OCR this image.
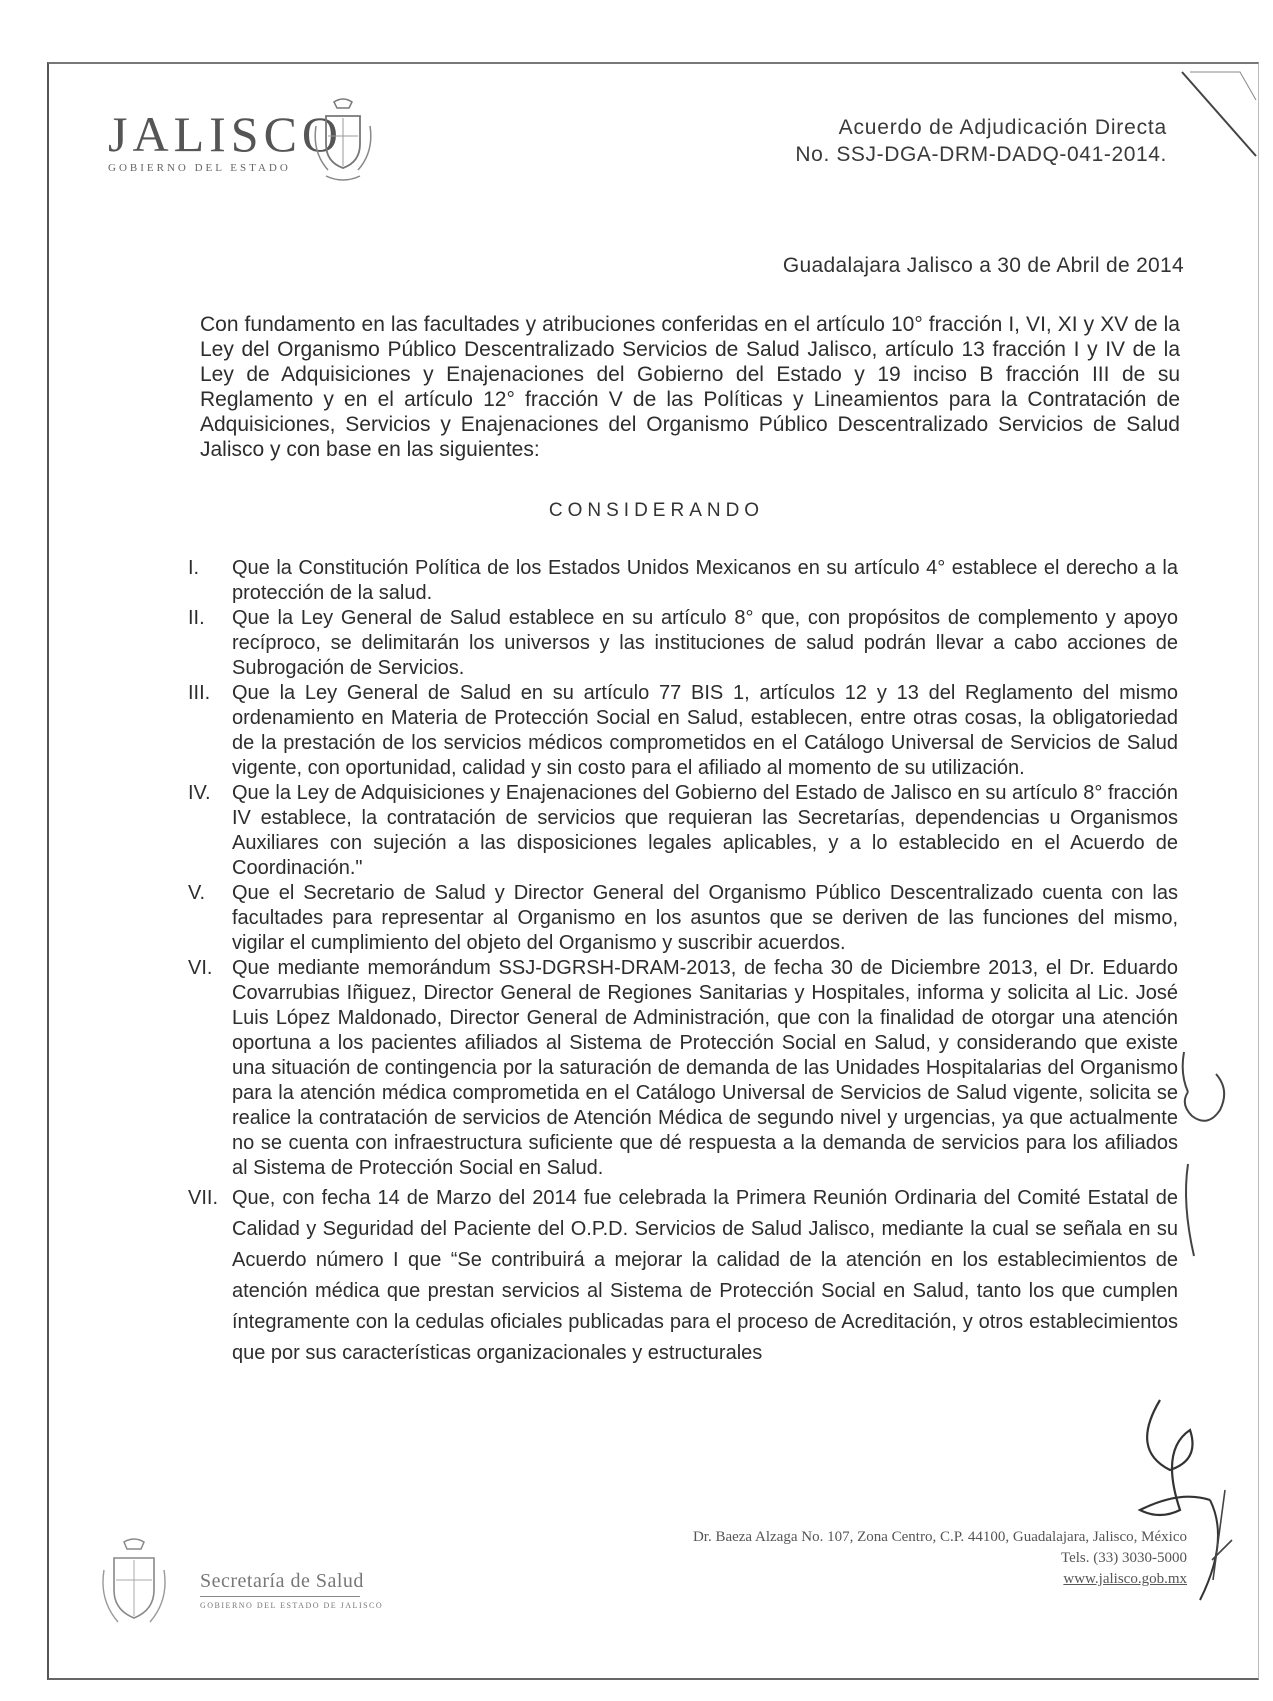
JALISCO
GOBIERNO DEL ESTADO
Acuerdo de Adjudicación Directa
No. SSJ-DGA-DRM-DADQ-041-2014.
Guadalajara Jalisco a 30 de Abril de 2014

Con fundamento en las facultades y atribuciones conferidas en el artículo 10° fracción I, VI, XI y XV de la Ley del Organismo Público Descentralizado Servicios de Salud Jalisco, artículo 13 fracción I y IV de la Ley de Adquisiciones y Enajenaciones del Gobierno del Estado y 19 inciso B fracción III de su Reglamento y en el artículo 12° fracción V de las Políticas y Lineamientos para la Contratación de Adquisiciones, Servicios y Enajenaciones del Organismo Público Descentralizado Servicios de Salud Jalisco y con base en las siguientes:

CONSIDERANDO
I.	Que la Constitución Política de los Estados Unidos Mexicanos en su artículo 4° establece el derecho a la protección de la salud.
II.	Que la Ley General de Salud establece en su artículo 8° que, con propósitos de complemento y apoyo recíproco, se delimitarán los universos y las instituciones de salud podrán llevar a cabo acciones de Subrogación de Servicios.
III.	Que la Ley General de Salud en su artículo 77 BIS 1, artículos 12 y 13 del Reglamento del mismo ordenamiento en Materia de Protección Social en Salud, establecen, entre otras cosas, la obligatoriedad de la prestación de los servicios médicos comprometidos en el Catálogo Universal de Servicios de Salud vigente, con oportunidad, calidad y sin costo para el afiliado al momento de su utilización.
IV.	Que la Ley de Adquisiciones y Enajenaciones del Gobierno del Estado de Jalisco en su artículo 8° fracción IV establece, la contratación de servicios que requieran las Secretarías, dependencias u Organismos Auxiliares con sujeción a las disposiciones legales aplicables, y a lo establecido en el Acuerdo de Coordinación."
V.	Que el Secretario de Salud y Director General del Organismo Público Descentralizado cuenta con las facultades para representar al Organismo en los asuntos que se deriven de las funciones del mismo, vigilar el cumplimiento del objeto del Organismo y suscribir acuerdos.
VI. Que mediante memorándum SSJ-DGRSH-DRAM-2013, de fecha 30 de Diciembre 2013, el Dr. Eduardo Covarrubias Iñiguez, Director General de Regiones Sanitarias y Hospitales, informa y solicita al Lic. José Luis López Maldonado, Director General de Administración, que con la finalidad de otorgar una atención oportuna a los pacientes afiliados al Sistema de Protección Social en Salud, y considerando que existe una situación de contingencia por la saturación de demanda de las Unidades Hospitalarias del Organismo para la atención médica comprometida en el Catálogo Universal de Servicios de Salud vigente, solicita se realice la contratación de servicios de Atención Médica de segundo nivel y urgencias, ya que actualmente no se cuenta con infraestructura suficiente que dé respuesta a la demanda de servicios para los afiliados al Sistema de Protección Social en Salud.
VII. Que, con fecha 14 de Marzo del 2014 fue celebrada la Primera Reunión Ordinaria del Comité Estatal de Calidad y Seguridad del Paciente del O.P.D. Servicios de Salud Jalisco, mediante la cual se señala en su Acuerdo número I que “Se contribuirá a mejorar la calidad de la atención en los establecimientos de atención médica que prestan servicios al Sistema de Protección Social en Salud, tanto los que cumplen íntegramente con la cedulas oficiales publicadas para el proceso de Acreditación, y otros establecimientos que por sus características organizacionales y estructurales
Dr. Baeza Alzaga No. 107, Zona Centro, C.P. 44100, Guadalajara, Jalisco, México
Tels. (33) 3030-5000
www.jalisco.gob.mx
Secretaría de Salud
GOBIERNO DEL ESTADO DE JALISCO
